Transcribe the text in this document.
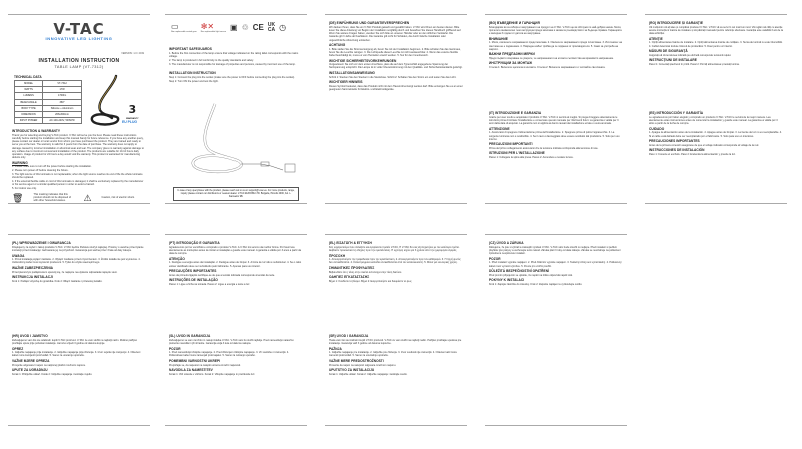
V-TAC
INNOVATIVE LED LIGHTING
VERSION: 1.0 / 2019
INSTALLATION INSTRUCTION
TABLE LAMP (VT-7312)
TECHNICAL DATA
MODEL	VT-7312
WATTS	17W
LUMENS	1700lm
BEAM ANGLE	360°
BODY TYPE	Silicone + Aluminum
DIMENSION	266x300mm
INPUT POWER	AC:100-240V, 50/60Hz
3
WARRANTY
EU PLUG
INTRODUCTION & WARRANTY

Thank you for selecting and buying V-TAC product. V-TAC will serve you the best. Please read these instructions carefully before starting the installation and keep this manual handy for future reference. If you have any another query, please contact our dealer or local vendor from whom you have purchased the product. They are trained and ready to serve you at the best. The warranty is valid for 3 years from the date of purchase. The warranty does not apply to damage caused by incorrect installation or abnormal wear and tear. The company gives no warranty against damage to any surface due to incorrect removal and installation of the product. The products are suitable for 10-12 hours daily operation. Usage of product for 24 hours a day would void the warranty. This product is warranted for manufacturing defects only.

WARNING

1. Please make sure to turn off the power before starting the installation.

2. Please turn power off before cleaning the fixture.

3. The light source of this luminaire is not replaceable; when the light source reaches its end of life the whole luminaire should be replaced.

4. If the external flexible cable or cord of this luminaire is damaged, it shall be exclusively replaced by the manufacturer or his service agent or a similar qualified person in order to avoid a hazard.

5. For indoor use only.

🗑	This marking indicates that this product should not be disposed of with other household wastes.	⚠	Caution, risk of electric shock.

▭
Non replaceable control gear
✻✕
Non replaceable light source ▣ ♲ CE UK
CA ◷
IMPORTANT SAFEGUARDS

1. Before the first connection of the lamp ensure that voltage indicated on the rating label corresponds with the mains voltage.

2. The lamp is produced in full conformity to the quality standards and safety.

3. The manufacturer is not responsible for damage of properties and persons, caused by incorrect use of the lamp.

INSTALLATION INSTRUCTION

Step 1: Connect the plug into the socket (make sure the power is OFF before connecting the plug into the socket).

Step 2: Turn ON the power and test the light.

In case of any query/issue with the product, please reach out to us at: support@v-tac.eu. For more products, range, inquiry please contact our distributors or nearest dealer. V-TAC EUROPE LTD. Bulgaria, Plovdiv 4000, bul. L. Karavelov 9B.
(DE) EINFÜHRUNG UND GARANTIEVERSPRECHEN

Wir danken Ihnen, dass Sie ein V-TAC Produkt gekauft und gewählt haben. V-TAC wird Ihnen am besten dienen. Bitte lesen Sie diese Anleitung vor Beginn der Installation sorgfältig durch und bewahren Sie dieses Handbuch griffbereit auf. Wenn Sie weitere Fragen haben, wenden Sie sich bitte an unseren Händler oder an den örtlichen Verkäufer. Die Garantie gilt 3 Jahre ab Kaufdatum. Die Garantie gilt nicht für Schäden, die durch falsche Installation oder ungewöhnliche Abnutzung entstehen.

ACHTUNG

1. Bitte stellen Sie die Stromversorgung ab, bevor Sie mit der Installation beginnen. 2. Bitte schalten Sie das Gerät aus, bevor Sie die Leuchte reinigen. 3. Die Lichtquelle dieser Leuchte ist nicht austauschbar. 4. Wenn das externe flexible Kabel beschädigt ist, muss es vom Hersteller ersetzt werden. 5. Nur für den Innenbereich.

WICHTIGE SICHERHEITSVORKEHRUNGEN

Vergewissern Sie sich vor dem ersten Anschluss, dass die auf dem Typenschild angegebene Spannung der Netzspannung entspricht. Die Lampe ist in voller Übereinstimmung mit den Qualitäts- und Sicherheitsstandards gefertigt.

INSTALLATIONSANWEISUNG

Schritt 1: Stecken Sie den Stecker in die Steckdose. Schritt 2: Schalten Sie den Strom ein und testen Sie das Licht.

WICHTIGER HINWEIS

Dieses Symbol bedeutet, dass das Produkt nicht mit dem Hausmüll entsorgt werden darf. Bitte entsorgen Sie es an einer geeigneten Sammelstelle für Elektro- und Elektronikgeräte.

(BG) ВЪВЕДЕНИЕ И ГАРАНЦИЯ

Благодарим ви за избора и закупуването на продукт на V-TAC. V-TAC ще ви обслужи по най-добрия начин. Моля, прочетете внимателно тези инструкции преди монтажа и запазете ръководството за бъдеща справка. Гаранцията е валидна 3 години от датата на закупуване.

ВНИМАНИЕ

1. Моля, изключете захранването преди монтажа. 2. Изключете захранването преди почистване. 3. Източникът на светлина не е подменяем. 4. Повреден кабел трябва да се подмени от производителя. 5. Само за употреба на закрито.

ВАЖНИ ПРЕДПАЗНИ МЕРКИ

Преди първото свързване се уверете, че напрежението на етикета съответства на мрежовото напрежение.

ИНСТРУКЦИИ ЗА МОНТАЖ

Стъпка 1: Включете щепсела в контакта. Стъпка 2: Включете захранването и тествайте светлината.

(IT) INTRODUZIONE E GARANZIA

Grazie per aver scelto e acquistato il prodotto V-TAC. V-TAC vi servirà al meglio. Si prega di leggere attentamente le istruzioni prima di iniziare l'installazione e conservare questo manuale per riferimenti futuri. La garanzia è valida per 3 anni dalla data di acquisto. La garanzia non si applica ai danni causati da installazione errata o usura anomala.

ATTENZIONE

1. Assicurarsi di spegnere l'alimentazione prima dell'installazione. 2. Spegnere prima di pulire l'apparecchio. 3. La sorgente luminosa non è sostituibile. 4. Se il cavo è danneggiato deve essere sostituito dal produttore. 5. Solo per uso interno.

PRECAUZIONI IMPORTANTI

Prima del primo collegamento assicurarsi che la tensione indicata corrisponda alla tensione di rete.

ISTRUZIONI PER L'INSTALLAZIONE

Passo 1: Collegare la spina alla presa. Passo 2: Accendere e testare la luce.

(RO) INTRODUCERE ȘI GARANȚIE

Vă mulțumim că ați ales și cumpărat produsul V-TAC. V-TAC vă va servi în cel mai bun mod. Vă rugăm să citiți cu atenție aceste instrucțiuni înainte de instalare și să păstrați manualul pentru referințe ulterioare. Garanția este valabilă 3 ani de la data achiziției.

ATENȚIE

1. Opriți alimentarea înainte de instalare. 2. Opriți alimentarea înainte de curățare. 3. Sursa de lumină nu este înlocuibilă. 4. Cablul deteriorat trebuie înlocuit de producător. 5. Doar pentru uz interior.

MĂSURI DE SIGURANȚĂ

Asigurați-vă că tensiunea indicată pe etichetă corespunde tensiunii rețelei.

INSTRUCȚIUNI DE INSTALARE

Pasul 1: Conectați ștecherul în priză. Pasul 2: Porniți alimentarea și testați lumina.

(ES) INTRODUCCIÓN Y GARANTÍA

Le agradecemos por haber elegido y comprado un producto V-TAC. V-TAC le servirá de la mejor manera. Lea atentamente estas instrucciones antes de comenzar la instalación y guarde este manual. La garantía es válida por 3 años a partir de la fecha de compra.

CUIDADO

1. Apague la alimentación antes de la instalación. 2. Apague antes de limpiar. 3. La fuente de luz no es reemplazable. 4. Si el cable está dañado debe ser reemplazado por el fabricante. 5. Solo para uso en interiores.

PRECAUCIONES IMPORTANTES

Antes de la primera conexión asegúrese de que el voltaje indicado corresponde al voltaje de la red.

INSTRUCCIONES DE INSTALACIÓN

Paso 1: Conecte el enchufe. Paso 2: Encienda la alimentación y pruebe la luz.

(PL) WPROWADZENIE I GWARANCJA

Dziękujemy za wybór i zakup produktu V-TAC. V-TAC będzie Państwu służyć najlepiej. Prosimy o uważne przeczytanie instrukcji przed instalacją i zachowanie jej na przyszłość. Gwarancja jest ważna przez 3 lata od daty zakupu.

UWAGA

1. Przed instalacją wyłącz zasilanie. 2. Wyłącz zasilanie przed czyszczeniem. 3. Źródło światła nie jest wymienne. 4. Uszkodzony kabel musi wymienić producent. 5. Tylko do użytku wewnętrznego.

WAŻNE ZABEZPIECZENIA

Przed pierwszym podłączeniem upewnij się, że napięcie na etykiecie odpowiada napięciu sieci.

INSTRUKCJA INSTALACJI

Krok 1: Podłącz wtyczkę do gniazdka. Krok 2: Włącz zasilanie i przetestuj światło.

(HR) UVOD I JAMSTVO

Zahvaljujemo vam što ste odabrali i kupili V-TAC proizvod. V-TAC će vam služiti na najbolji način. Molimo pažljivo pročitajte upute prije početka instalacije. Jamstvo vrijedi 3 godine od datuma kupnje.

OPREZ

1. Isključite napajanje prije instalacije. 2. Isključite napajanje prije čišćenja. 3. Izvor svjetla nije zamjenjiv. 4. Oštećeni kabel mora zamijeniti proizvođač. 5. Samo za unutarnju upotrebu.

VAŽNE MJERE OPREZA

Provjerite odgovara li napon na natpisnoj pločici mrežnom naponu.

UPUTE ZA UGRADNJU

Korak 1: Priključite utikač. Korak 2: Uključite napajanje i testirajte svjetlo.

(PT) INTRODUÇÃO E GARANTIA

Agradecemos por ter escolhido e comprado o produto V-TAC. A V-TAC irá servi-lo da melhor forma. Por favor leia atentamente as instruções antes de iniciar a instalação e guarde este manual. A garantia é válida por 3 anos a partir da data de compra.

ATENÇÃO

1. Desligue a energia antes da instalação. 2. Desligue antes de limpar. 3. A fonte de luz não é substituível. 4. Se o cabo estiver danificado deve ser substituído pelo fabricante. 5. Apenas para uso interior.

PRECAUÇÕES IMPORTANTES

Antes da primeira ligação certifique-se de que a tensão indicada corresponde à tensão da rede.

INSTRUÇÕES DE INSTALAÇÃO

Passo 1: Ligue a ficha na tomada. Passo 2: Ligue a energia e teste a luz.

(SL) UVOD IN GARANCIJA

Zahvaljujemo se vam za izbiro in nakup izdelka V-TAC. V-TAC vam bo služil najbolje. Pred namestitvijo natančno preberite navodila in jih shranite. Garancija velja 3 leta od datuma nakupa.

POZOR

1. Pred namestitvijo izklopite napajanje. 2. Pred čiščenjem izklopite napajanje. 3. Vir svetlobe ni zamenljiv. 4. Poškodovan kabel mora zamenjati proizvajalec. 5. Samo za notranjo uporabo.

POMEMBNI VARNOSTNI UKREPI

Prepričajte se, da napetost na nalepki ustreza omrežni napetosti.

NAVODILA ZA NAMESTITEV

Korak 1: Vtič vstavite v vtičnico. Korak 2: Vklopite napajanje in preizkusite luč.

(EL) ΕΙΣΑΓΩΓΗ & ΕΓΓΥΗΣΗ

Σας ευχαριστούμε που επιλέξατε και αγοράσατε προϊόν V-TAC. Η V-TAC θα σας εξυπηρετήσει με τον καλύτερο τρόπο. Διαβάστε προσεκτικά τις οδηγίες πριν την εγκατάσταση. Η εγγύηση ισχύει για 3 χρόνια από την ημερομηνία αγοράς.

ΠΡΟΣΟΧΗ

1. Απενεργοποιήστε την τροφοδοσία πριν την εγκατάσταση. 2. Απενεργοποιήστε πριν τον καθαρισμό. 3. Η πηγή φωτός δεν αντικαθίσταται. 4. Κατεστραμμένο καλώδιο αντικαθίσταται από τον κατασκευαστή. 5. Μόνο για εσωτερική χρήση.

ΣΗΜΑΝΤΙΚΕΣ ΠΡΟΦΥΛΑΞΕΙΣ

Βεβαιωθείτε ότι η τάση στην ετικέτα αντιστοιχεί στην τάση δικτύου.

ΟΔΗΓΙΕΣ ΕΓΚΑΤΑΣΤΑΣΗΣ

Βήμα 1: Συνδέστε το βύσμα. Βήμα 2: Ενεργοποιήστε και δοκιμάστε το φως.

(SR) UVOD I GARANCIJA

Hvala vam što ste izabrali i kupili V-TAC proizvod. V-TAC će vam služiti na najbolji način. Pažljivo pročitajte uputstva pre instalacije. Garancija važi 3 godine od datuma kupovine.

PAŽNJA

1. Isključite napajanje pre instalacije. 2. Isključite pre čišćenja. 3. Izvor svetlosti nije zamenljiv. 4. Oštećen kabl mora zameniti proizvođač. 5. Samo za unutrašnju upotrebu.

VAŽNE MERE PREDOSTROŽNOSTI

Proverite da napon na nalepnici odgovara mrežnom naponu.

UPUTSTVO ZA INSTALACIJU

Korak 1: Uključite utikač. Korak 2: Uključite napajanje i testirajte svetlo.

(CZ) ÚVOD A ZÁRUKA

Děkujeme, že jste si vybrali a zakoupili výrobek V-TAC. V-TAC vám bude sloužit co nejlépe. Před instalací si pečlivě přečtěte tyto pokyny a uschovejte tento návod. Záruka platí 3 roky od data nákupu. Záruka se nevztahuje na poškození způsobené nesprávnou instalací.

POZOR

1. Před instalací vypněte napájení. 2. Před čištěním vypněte napájení. 3. Světelný zdroj není vyměnitelný. 4. Poškozený kabel musí vyměnit výrobce. 5. Pouze pro vnitřní použití.

DŮLEŽITÁ BEZPEČNOSTNÍ OPATŘENÍ

Před prvním připojením se ujistěte, že napětí na štítku odpovídá napětí sítě.

POKYNY K INSTALACI

Krok 1: Zapojte zástrčku do zásuvky. Krok 2: Zapněte napájení a vyzkoušejte světlo.
